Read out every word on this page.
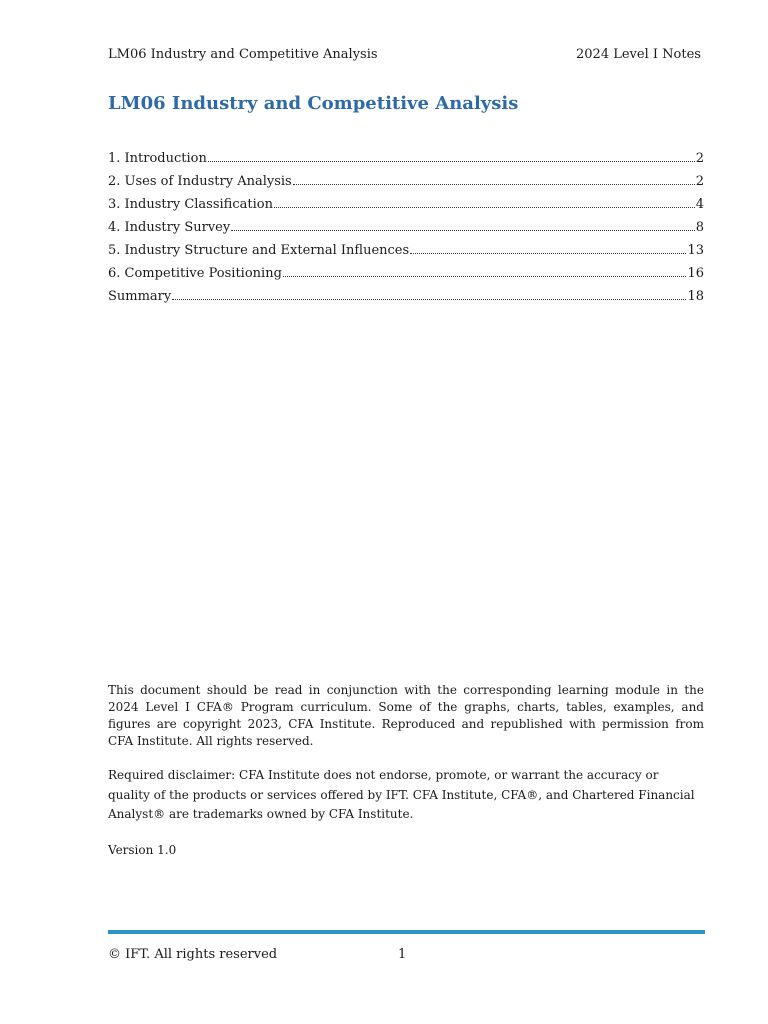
LM06 Industry and Competitive Analysis	2024 Level I Notes
LM06 Industry and Competitive Analysis
1. Introduction	2
2. Uses of Industry Analysis	2
3. Industry Classification	4
4. Industry Survey	8
5. Industry Structure and External Influences	13
6. Competitive Positioning	16
Summary	18

This document should be read in conjunction with the corresponding learning module in the 2024 Level I CFA® Program curriculum. Some of the graphs, charts, tables, examples, and figures are copyright 2023, CFA Institute. Reproduced and republished with permission from CFA Institute. All rights reserved.

Required disclaimer: CFA Institute does not endorse, promote, or warrant the accuracy or quality of the products or services offered by IFT. CFA Institute, CFA®, and Chartered Financial Analyst® are trademarks owned by CFA Institute.

Version 1.0

© IFT. All rights reserved	1
